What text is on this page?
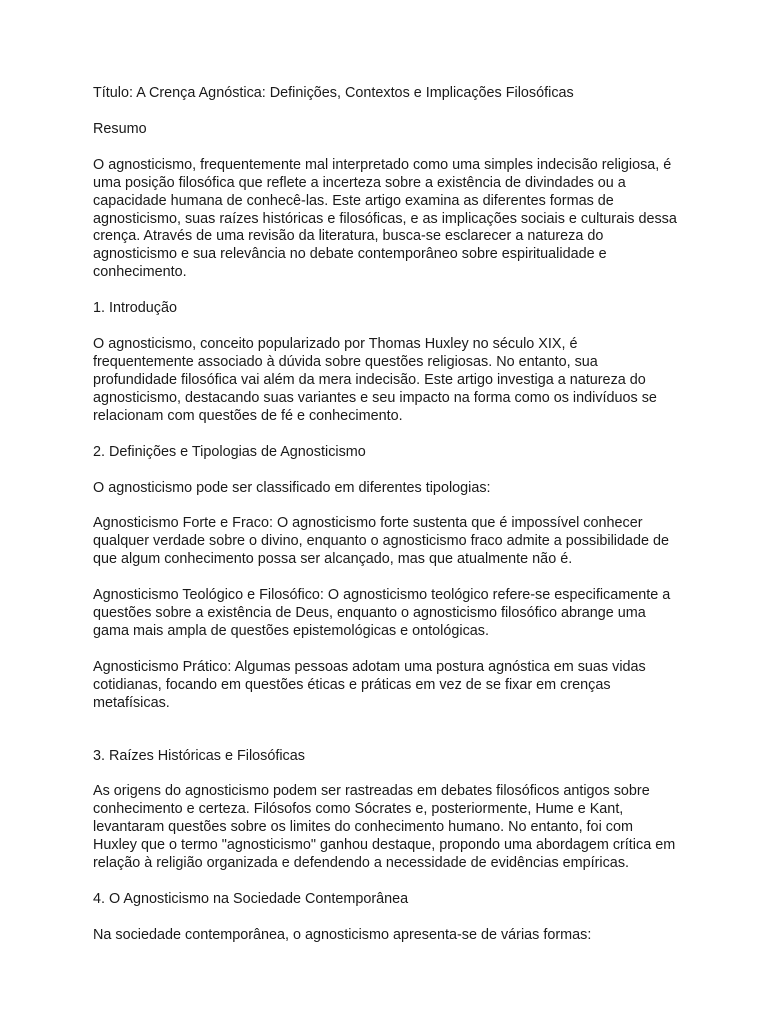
Título: A Crença Agnóstica: Definições, Contextos e Implicações Filosóficas

Resumo

O agnosticismo, frequentemente mal interpretado como uma simples indecisão religiosa, é uma posição filosófica que reflete a incerteza sobre a existência de divindades ou a capacidade humana de conhecê-las. Este artigo examina as diferentes formas de agnosticismo, suas raízes históricas e filosóficas, e as implicações sociais e culturais dessa crença. Através de uma revisão da literatura, busca-se esclarecer a natureza do agnosticismo e sua relevância no debate contemporâneo sobre espiritualidade e conhecimento.

1. Introdução

O agnosticismo, conceito popularizado por Thomas Huxley no século XIX, é frequentemente associado à dúvida sobre questões religiosas. No entanto, sua profundidade filosófica vai além da mera indecisão. Este artigo investiga a natureza do agnosticismo, destacando suas variantes e seu impacto na forma como os indivíduos se relacionam com questões de fé e conhecimento.

2. Definições e Tipologias de Agnosticismo

O agnosticismo pode ser classificado em diferentes tipologias:

Agnosticismo Forte e Fraco: O agnosticismo forte sustenta que é impossível conhecer qualquer verdade sobre o divino, enquanto o agnosticismo fraco admite a possibilidade de que algum conhecimento possa ser alcançado, mas que atualmente não é.

Agnosticismo Teológico e Filosófico: O agnosticismo teológico refere-se especificamente a questões sobre a existência de Deus, enquanto o agnosticismo filosófico abrange uma gama mais ampla de questões epistemológicas e ontológicas.

Agnosticismo Prático: Algumas pessoas adotam uma postura agnóstica em suas vidas cotidianas, focando em questões éticas e práticas em vez de se fixar em crenças metafísicas.

3. Raízes Históricas e Filosóficas

As origens do agnosticismo podem ser rastreadas em debates filosóficos antigos sobre conhecimento e certeza. Filósofos como Sócrates e, posteriormente, Hume e Kant, levantaram questões sobre os limites do conhecimento humano. No entanto, foi com Huxley que o termo "agnosticismo" ganhou destaque, propondo uma abordagem crítica em relação à religião organizada e defendendo a necessidade de evidências empíricas.

4. O Agnosticismo na Sociedade Contemporânea

Na sociedade contemporânea, o agnosticismo apresenta-se de várias formas:
